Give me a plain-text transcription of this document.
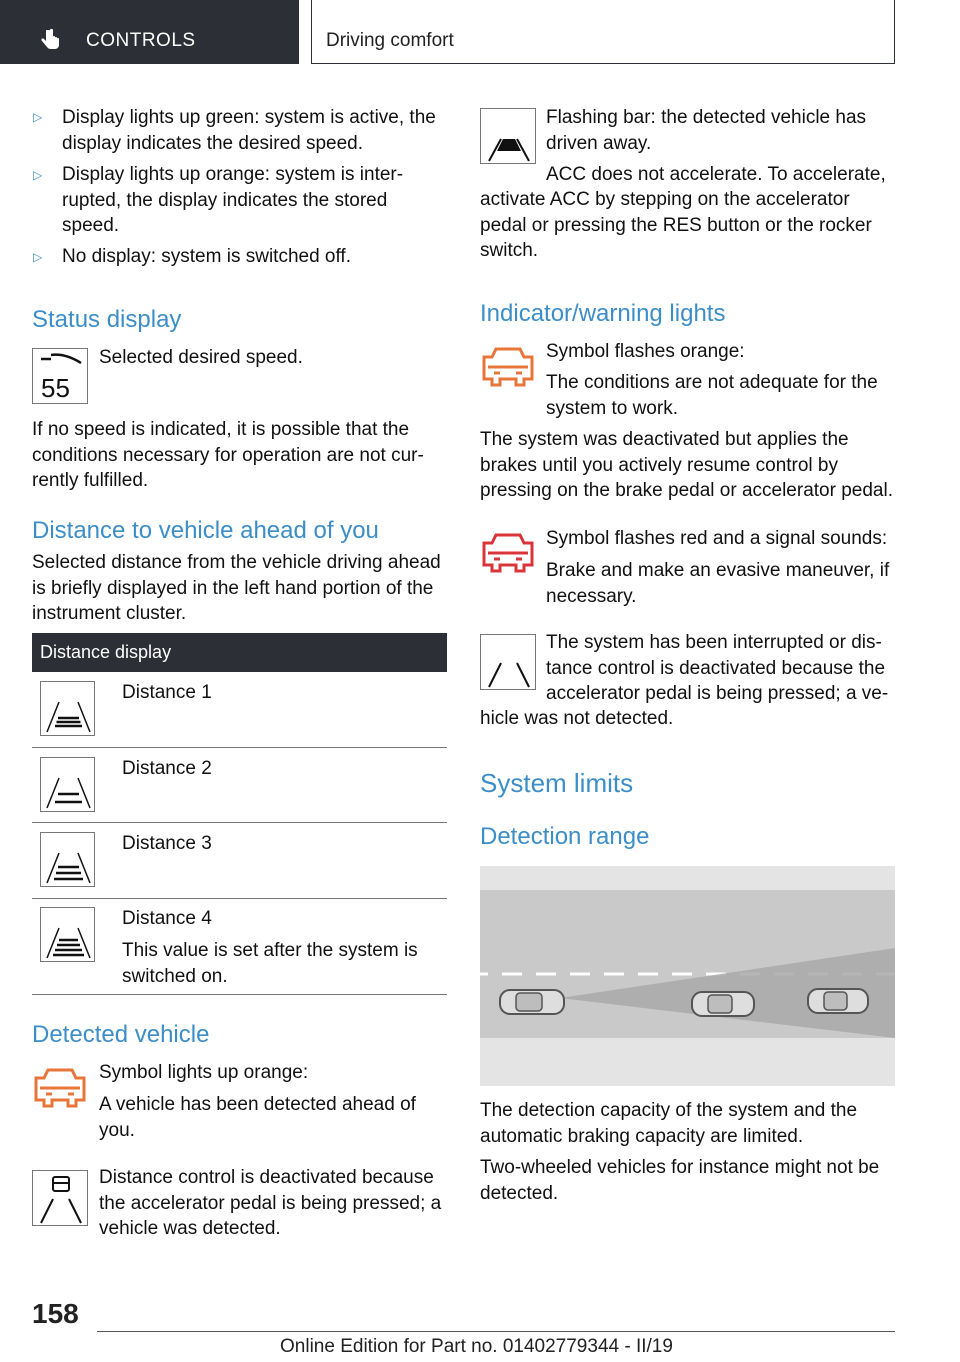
CONTROLS	Driving comfort
▷ Display lights up green: system is active, the
display indicates the desired speed.
▷ Display lights up orange: system is inter-
rupted, the display indicates the stored
speed.
▷ No display: system is switched off.
Status display
55
Selected desired speed.
If no speed is indicated, it is possible that the
conditions necessary for operation are not cur-
rently fulfilled.
Distance to vehicle ahead of you
Selected distance from the vehicle driving ahead
is briefly displayed in the left hand portion of the
instrument cluster.
Distance display
Distance 1
Distance 2
Distance 3
Distance 4
This value is set after the system is
switched on.
Detected vehicle
Symbol lights up orange:
A vehicle has been detected ahead of
you.
Distance control is deactivated because
the accelerator pedal is being pressed; a
vehicle was detected.
Flashing bar: the detected vehicle has
driven away.
ACC does not accelerate. To accelerate,
activate ACC by stepping on the accelerator
pedal or pressing the RES button or the rocker
switch.
Indicator/warning lights
Symbol flashes orange:
The conditions are not adequate for the
system to work.
The system was deactivated but applies the
brakes until you actively resume control by
pressing on the brake pedal or accelerator pedal.
Symbol flashes red and a signal sounds:
Brake and make an evasive maneuver, if
necessary.
The system has been interrupted or dis-
tance control is deactivated because the
accelerator pedal is being pressed; a ve-
hicle was not detected.
System limits
Detection range
The detection capacity of the system and the
automatic braking capacity are limited.
Two-wheeled vehicles for instance might not be
detected.
158
Online Edition for Part no. 01402779344 - II/19
